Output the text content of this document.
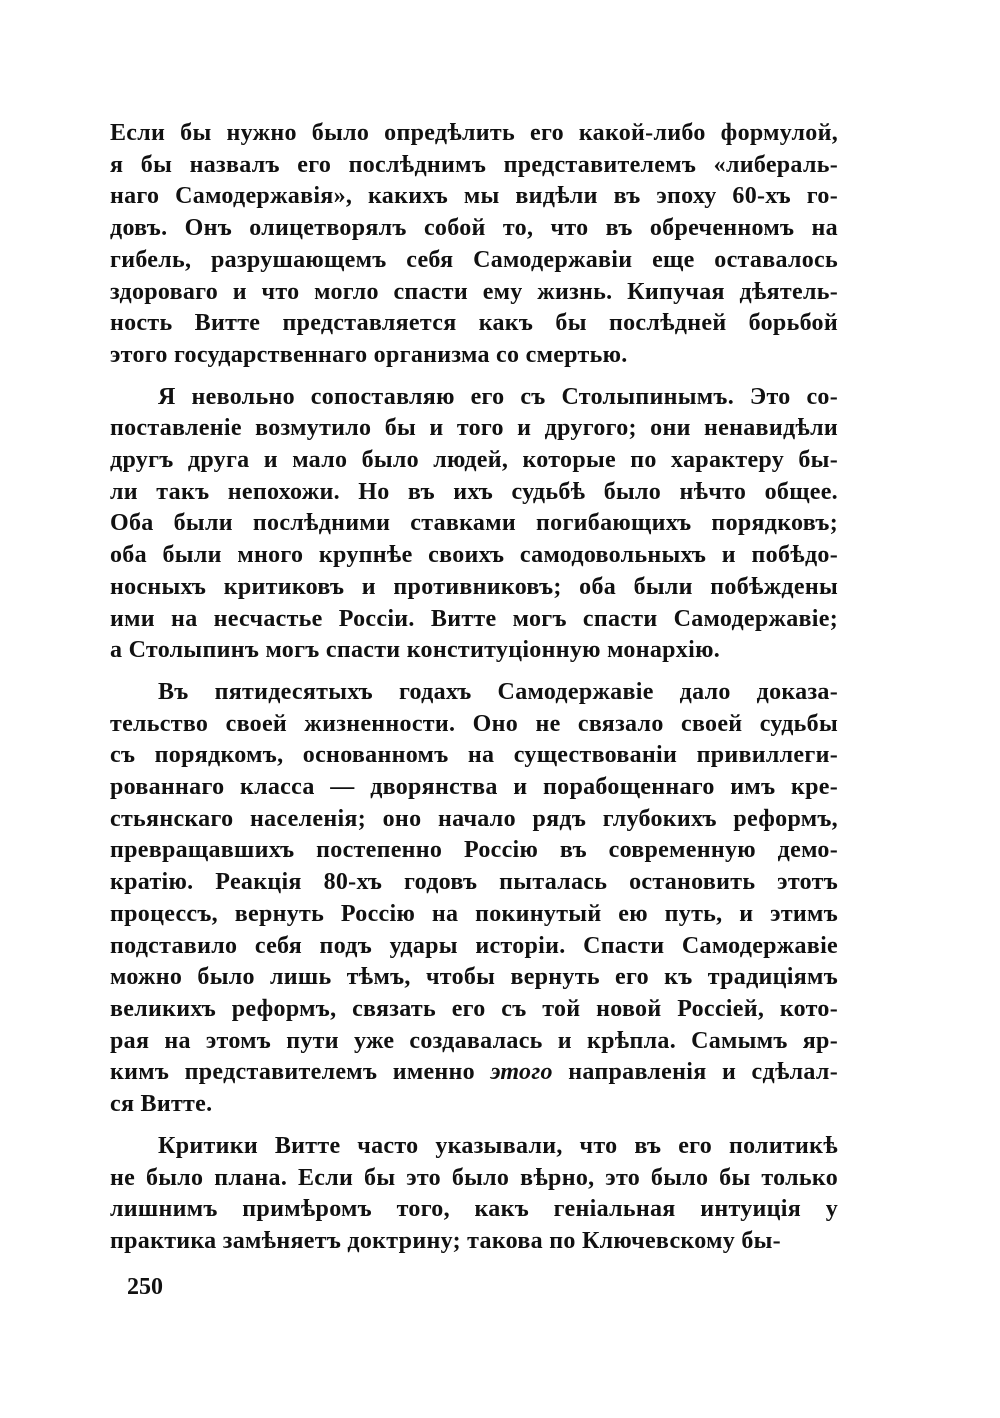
Если бы нужно было опредѣлить его какой-либо формулой,
я бы назвалъ его послѣднимъ представителемъ «либераль-
наго Самодержавія», какихъ мы видѣли въ эпоху 60-хъ го-
довъ. Онъ олицетворялъ собой то, что въ обреченномъ на
гибель, разрушающемъ себя Самодержавіи еще оставалось
здороваго и что могло спасти ему жизнь. Кипучая дѣятель-
ность Витте представляется какъ бы послѣдней борьбой
этого государственнаго организма со смертью.
Я невольно сопоставляю его съ Столыпинымъ. Это со-
поставленіе возмутило бы и того и другого; они ненавидѣли
другъ друга и мало было людей, которые по характеру бы-
ли такъ непохожи. Но въ ихъ судьбѣ было нѣчто общее.
Оба были послѣдними ставками погибающихъ порядковъ;
оба были много крупнѣе своихъ самодовольныхъ и побѣдо-
носныхъ критиковъ и противниковъ; оба были побѣждены
ими на несчастье Россіи. Витте могъ спасти Самодержавіе;
а Столыпинъ могъ спасти конституціонную монархію.
Въ пятидесятыхъ годахъ Самодержавіе дало доказа-
тельство своей жизненности. Оно не связало своей судьбы
съ порядкомъ, основанномъ на существованіи привиллеги-
рованнаго класса — дворянства и порабощеннаго имъ кре-
стьянскаго населенія; оно начало рядъ глубокихъ реформъ,
превращавшихъ постепенно Россію въ современную демо-
кратію. Реакція 80-хъ годовъ пыталась остановить этотъ
процессъ, вернуть Россію на покинутый ею путь, и этимъ
подставило себя подъ удары исторіи. Спасти Самодержавіе
можно было лишь тѣмъ, чтобы вернуть его къ традиціямъ
великихъ реформъ, связать его съ той новой Россіей, кото-
рая на этомъ пути уже создавалась и крѣпла. Самымъ яр-
кимъ представителемъ именно этого направленія и сдѣлал-
ся Витте.
Критики Витте часто указывали, что въ его политикѣ
не было плана. Если бы это было вѣрно, это было бы только
лишнимъ примѣромъ того, какъ геніальная интуиція у
практика замѣняетъ доктрину; такова по Ключевскому бы-
250
